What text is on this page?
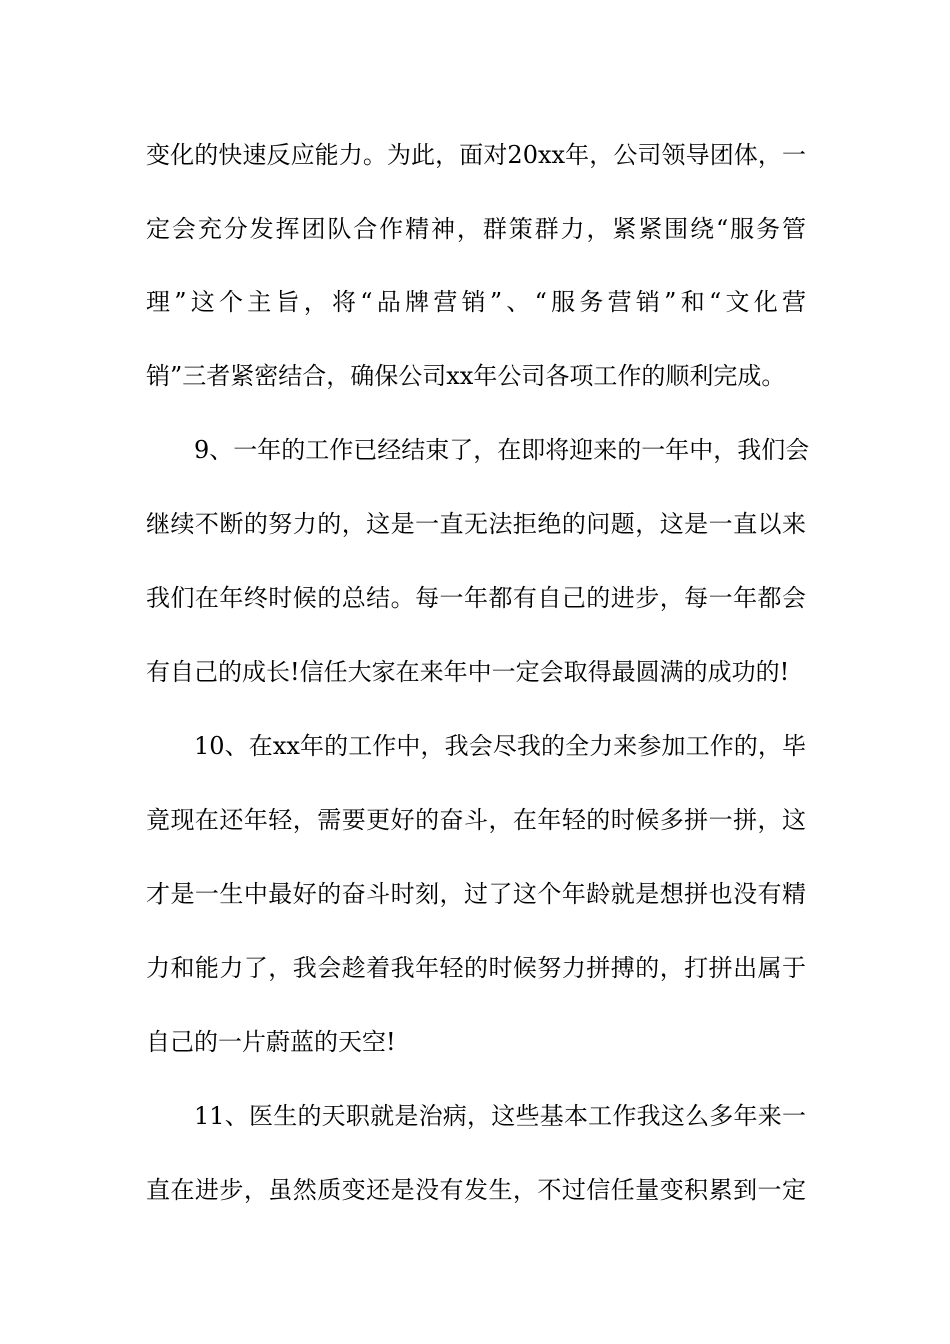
变化的快速反应能力。为此，面对20xx年，公司领导团体，一
定会充分发挥团队合作精神，群策群力，紧紧围绕“服务管
理”这个主旨，将“品牌营销”、“服务营销”和“文化营
销”三者紧密结合，确保公司xx年公司各项工作的顺利完成。
9、一年的工作已经结束了，在即将迎来的一年中，我们会
继续不断的努力的，这是一直无法拒绝的问题，这是一直以来
我们在年终时候的总结。每一年都有自己的进步，每一年都会
有自己的成长!信任大家在来年中一定会取得最圆满的成功的!
10、在xx年的工作中，我会尽我的全力来参加工作的，毕
竟现在还年轻，需要更好的奋斗，在年轻的时候多拼一拼，这
才是一生中最好的奋斗时刻，过了这个年龄就是想拼也没有精
力和能力了，我会趁着我年轻的时候努力拼搏的，打拼出属于
自己的一片蔚蓝的天空!
11、医生的天职就是治病，这些基本工作我这么多年来一
直在进步，虽然质变还是没有发生，不过信任量变积累到一定
